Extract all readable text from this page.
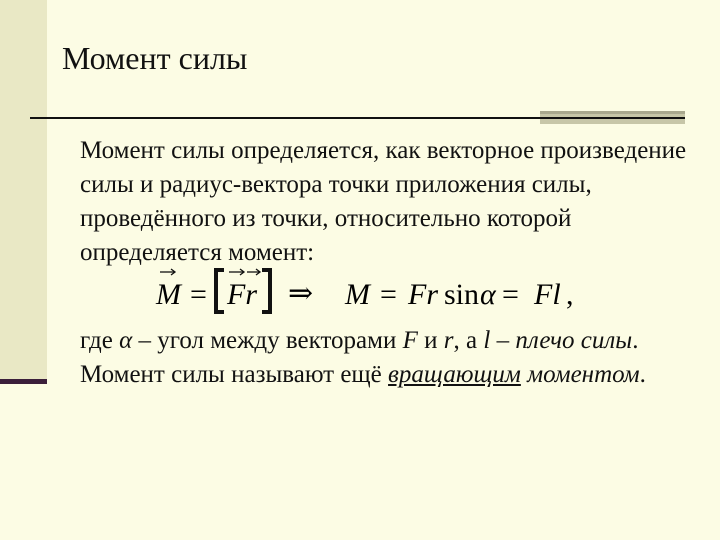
Момент силы

Момент силы определяется, как векторное произведение силы и радиус-вектора точки приложения силы, проведённого из точки, относительно которой определяется момент:

M = Fr ⇒ M = Fr sin α = Fl ,

где α – угол между векторами F и r, а l – плечо силы. Момент силы называют ещё вращающим моментом.
